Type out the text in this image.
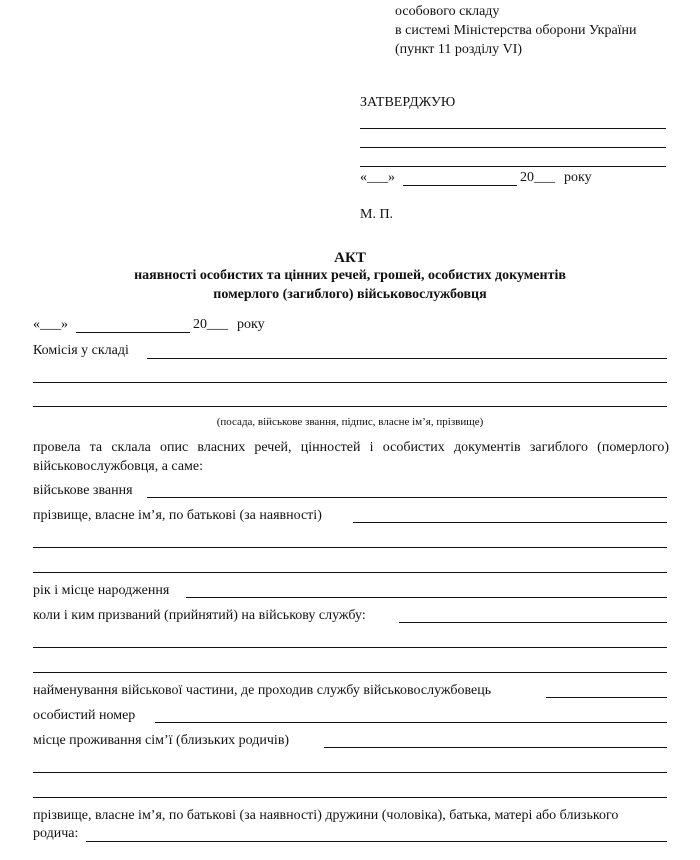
особового складу
в системі Міністерства оборони України
(пункт 11 розділу VI)
ЗАТВЕРДЖУЮ
«___»	20___ року
М. П.
АКТ
наявності особистих та цінних речей, грошей, особистих документів
померлого (загиблого) військовослужбовця
«___»	20___ року
Комісія у складі
(посада, військове звання, підпис, власне ім’я, прізвище)
провела та склала опис власних речей, цінностей і особистих документів загиблого (померлого) військовослужбовця, а саме:
військове звання
прізвище, власне ім’я, по батькові (за наявності)
рік і місце народження
коли і ким призваний (прийнятий) на військову службу:
найменування військової частини, де проходив службу військовослужбовець
особистий номер
місце проживання сім’ї (близьких родичів)
прізвище, власне ім’я, по батькові (за наявності) дружини (чоловіка), батька, матері або близького
родича:
